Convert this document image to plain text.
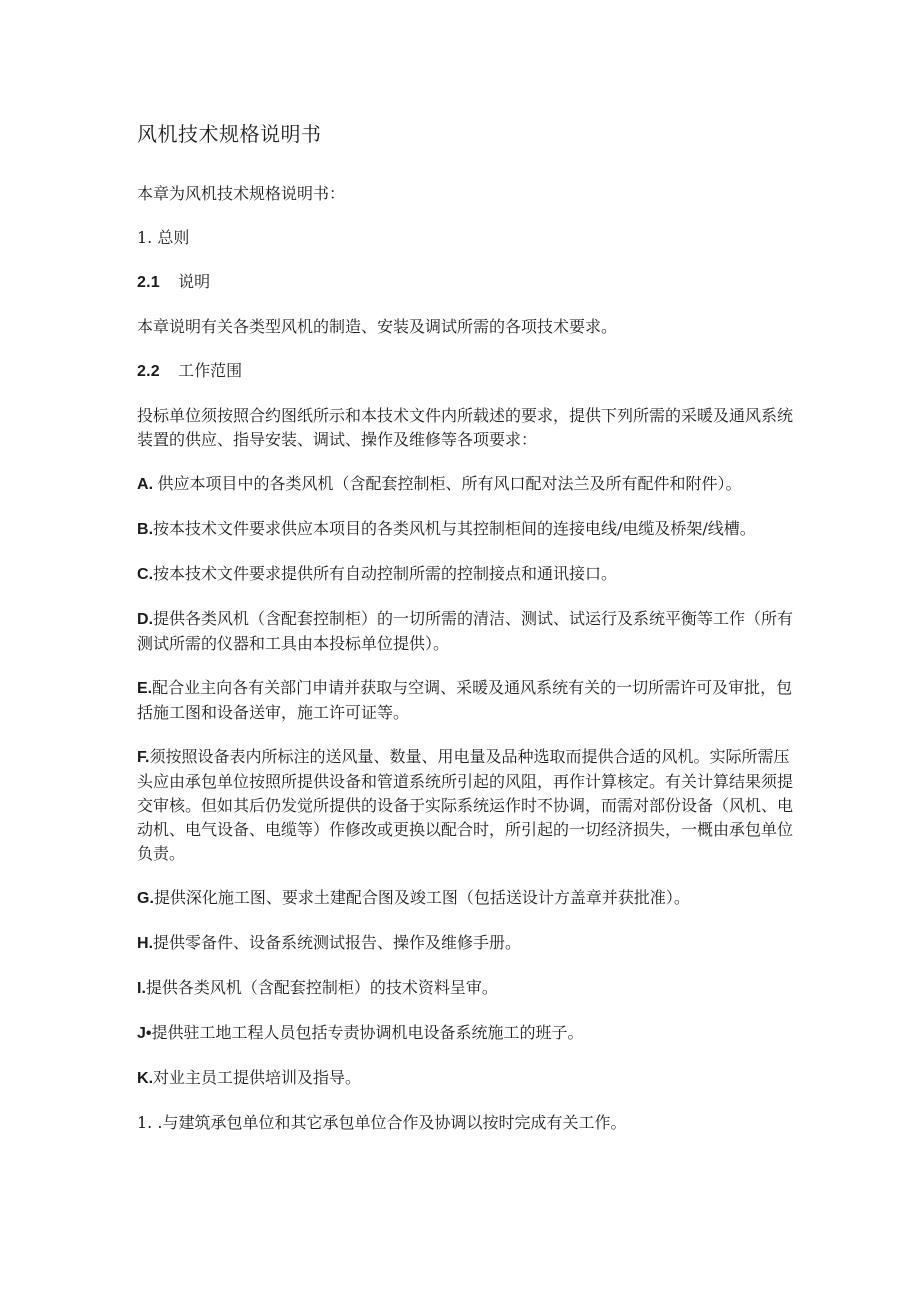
风机技术规格说明书

本章为风机技术规格说明书：

1. 总则

2.1 说明

本章说明有关各类型风机的制造、安装及调试所需的各项技术要求。

2.2 工作范围

投标单位须按照合约图纸所示和本技术文件内所载述的要求，提供下列所需的采暖及通风系统装置的供应、指导安装、调试、操作及维修等各项要求：

A. 供应本项目中的各类风机（含配套控制柜、所有风口配对法兰及所有配件和附件）。

B.按本技术文件要求供应本项目的各类风机与其控制柜间的连接电线/电缆及桥架/线槽。

C.按本技术文件要求提供所有自动控制所需的控制接点和通讯接口。

D.提供各类风机（含配套控制柜）的一切所需的清洁、测试、试运行及系统平衡等工作（所有测试所需的仪器和工具由本投标单位提供）。

E.配合业主向各有关部门申请并获取与空调、采暖及通风系统有关的一切所需许可及审批，包括施工图和设备送审，施工许可证等。

F.须按照设备表内所标注的送风量、数量、用电量及品种选取而提供合适的风机。实际所需压头应由承包单位按照所提供设备和管道系统所引起的风阻，再作计算核定。有关计算结果须提交审核。但如其后仍发觉所提供的设备于实际系统运作时不协调，而需对部份设备（风机、电动机、电气设备、电缆等）作修改或更换以配合时，所引起的一切经济损失，一概由承包单位负责。

G.提供深化施工图、要求土建配合图及竣工图（包括送设计方盖章并获批准）。

H.提供零备件、设备系统测试报告、操作及维修手册。

I.提供各类风机（含配套控制柜）的技术资料呈审。

J•提供驻工地工程人员包括专责协调机电设备系统施工的班子。

K.对业主员工提供培训及指导。

1. .与建筑承包单位和其它承包单位合作及协调以按时完成有关工作。
